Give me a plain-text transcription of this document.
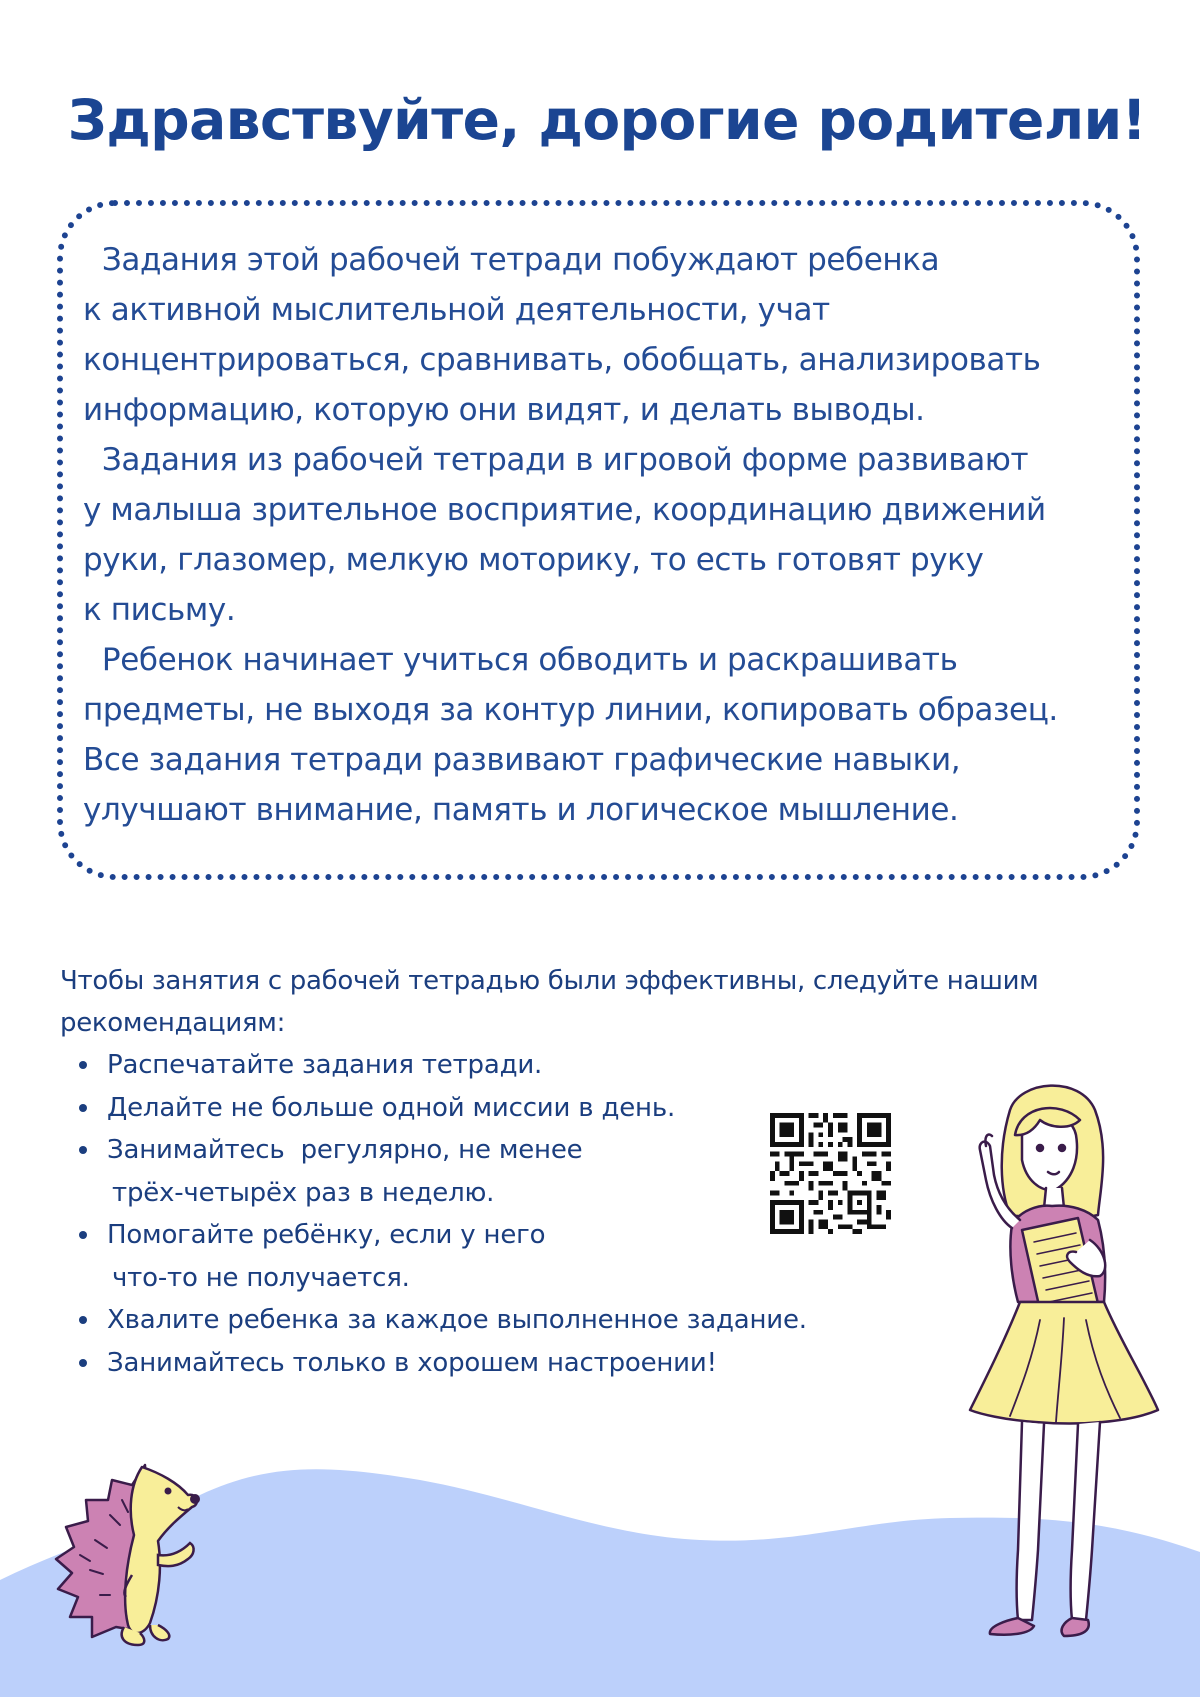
Здравствуйте, дорогие родители!
Задания этой рабочей тетради побуждают ребенка
к активной мыслительной деятельности, учат
концентрироваться, сравнивать, обобщать, анализировать
информацию, которую они видят, и делать выводы.
Задания из рабочей тетради в игровой форме развивают
у малыша зрительное восприятие, координацию движений
руки, глазомер, мелкую моторику, то есть готовят руку
к письму.
Ребенок начинает учиться обводить и раскрашивать
предметы, не выходя за контур линии, копировать образец.
Все задания тетради развивают графические навыки,
улучшают внимание, память и логическое мышление.
Чтобы занятия с рабочей тетрадью были эффективны, следуйте нашим
рекомендациям:
Распечатайте задания тетради.
Делайте не больше одной миссии в день.
Занимайтесь  регулярно, не менее
трёх-четырёх раз в неделю.
Помогайте ребёнку, если у него
что-то не получается.
Хвалите ребенка за каждое выполненное задание.
Занимайтесь только в хорошем настроении!
